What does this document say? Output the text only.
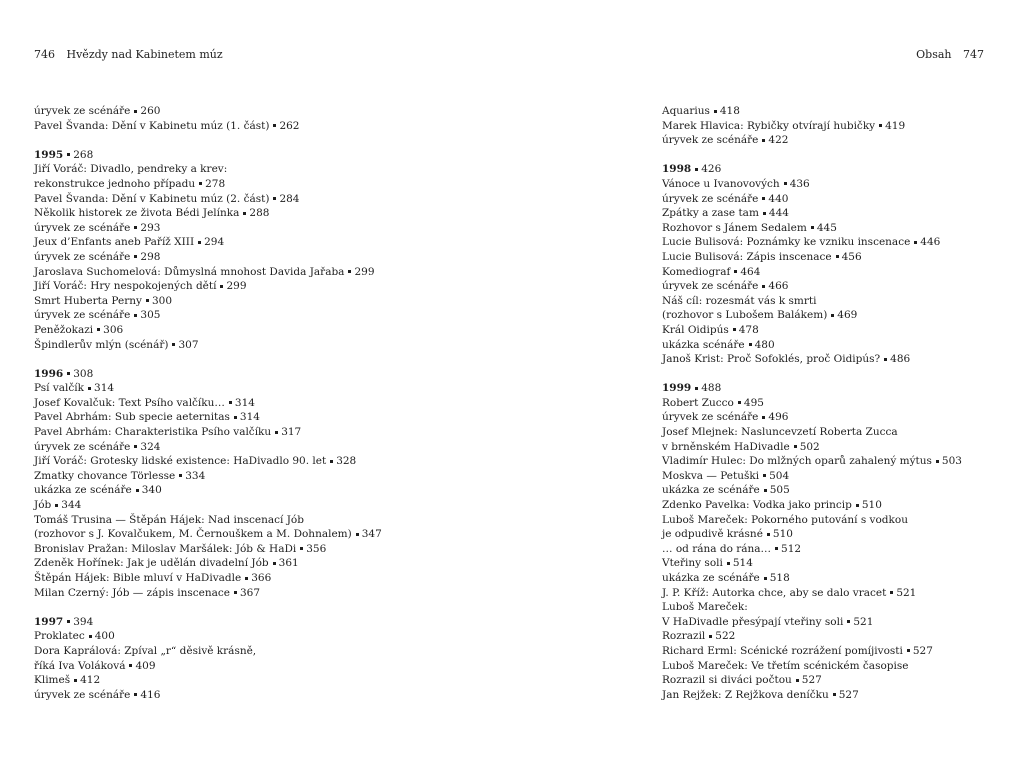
746 Hvězdy nad Kabinetem múz	Obsah 747
úryvek ze scénáře 260
Pavel Švanda: Dění v Kabinetu múz (1. část) 262
1995 268
Jiří Voráč: Divadlo, pendreky a krev:
rekonstrukce jednoho případu 278
Pavel Švanda: Dění v Kabinetu múz (2. část) 284
Několik historek ze života Bédi Jelínka 288
úryvek ze scénáře 293
Jeux d’Enfants aneb Paříž XIII 294
úryvek ze scénáře 298
Jaroslava Suchomelová: Důmyslná mnohost Davida Jařaba 299
Jiří Voráč: Hry nespokojených dětí 299
Smrt Huberta Perny 300
úryvek ze scénáře 305
Peněžokazi 306
Špindlerův mlýn (scénář) 307
1996 308
Psí valčík 314
Josef Kovalčuk: Text Psího valčíku… 314
Pavel Abrhám: Sub specie aeternitas 314
Pavel Abrhám: Charakteristika Psího valčíku 317
úryvek ze scénáře 324
Jiří Voráč: Grotesky lidské existence: HaDivadlo 90. let 328
Zmatky chovance Törlesse 334
ukázka ze scénáře 340
Jób 344
Tomáš Trusina — Štěpán Hájek: Nad inscenací Jób
(rozhovor s J. Kovalčukem, M. Černouškem a M. Dohnalem) 347
Bronislav Pražan: Miloslav Maršálek: Jób & HaDi 356
Zdeněk Hořínek: Jak je udělán divadelní Jób 361
Štěpán Hájek: Bible mluví v HaDivadle 366
Milan Czerný: Jób — zápis inscenace 367
1997 394
Proklatec 400
Dora Kaprálová: Zpíval „r“ děsivě krásně,
říká Iva Voláková 409
Klimeš 412
úryvek ze scénáře 416
Aquarius 418
Marek Hlavica: Rybičky otvírají hubičky 419
úryvek ze scénáře 422
1998 426
Vánoce u Ivanovových 436
úryvek ze scénáře 440
Zpátky a zase tam 444
Rozhovor s Jánem Sedalem 445
Lucie Bulisová: Poznámky ke vzniku inscenace 446
Lucie Bulisová: Zápis inscenace 456
Komediograf 464
úryvek ze scénáře 466
Náš cíl: rozesmát vás k smrti
(rozhovor s Lubošem Balákem) 469
Král Oidipús 478
ukázka scénáře 480
Janoš Krist: Proč Sofoklés, proč Oidipús? 486
1999 488
Robert Zucco 495
úryvek ze scénáře 496
Josef Mlejnek: Nasluncevzetí Roberta Zucca
v brněnském HaDivadle 502
Vladimír Hulec: Do mlžných oparů zahalený mýtus 503
Moskva — Petuški 504
ukázka ze scénáře 505
Zdenko Pavelka: Vodka jako princip 510
Luboš Mareček: Pokorného putování s vodkou
je odpudivě krásné 510
… od rána do rána… 512
Vteřiny soli 514
ukázka ze scénáře 518
J. P. Kříž: Autorka chce, aby se dalo vracet 521
Luboš Mareček:
V HaDivadle přesýpají vteřiny soli 521
Rozrazil 522
Richard Erml: Scénické rozrážení pomíjivosti 527
Luboš Mareček: Ve třetím scénickém časopise
Rozrazil si diváci počtou 527
Jan Rejžek: Z Rejžkova deníčku 527
